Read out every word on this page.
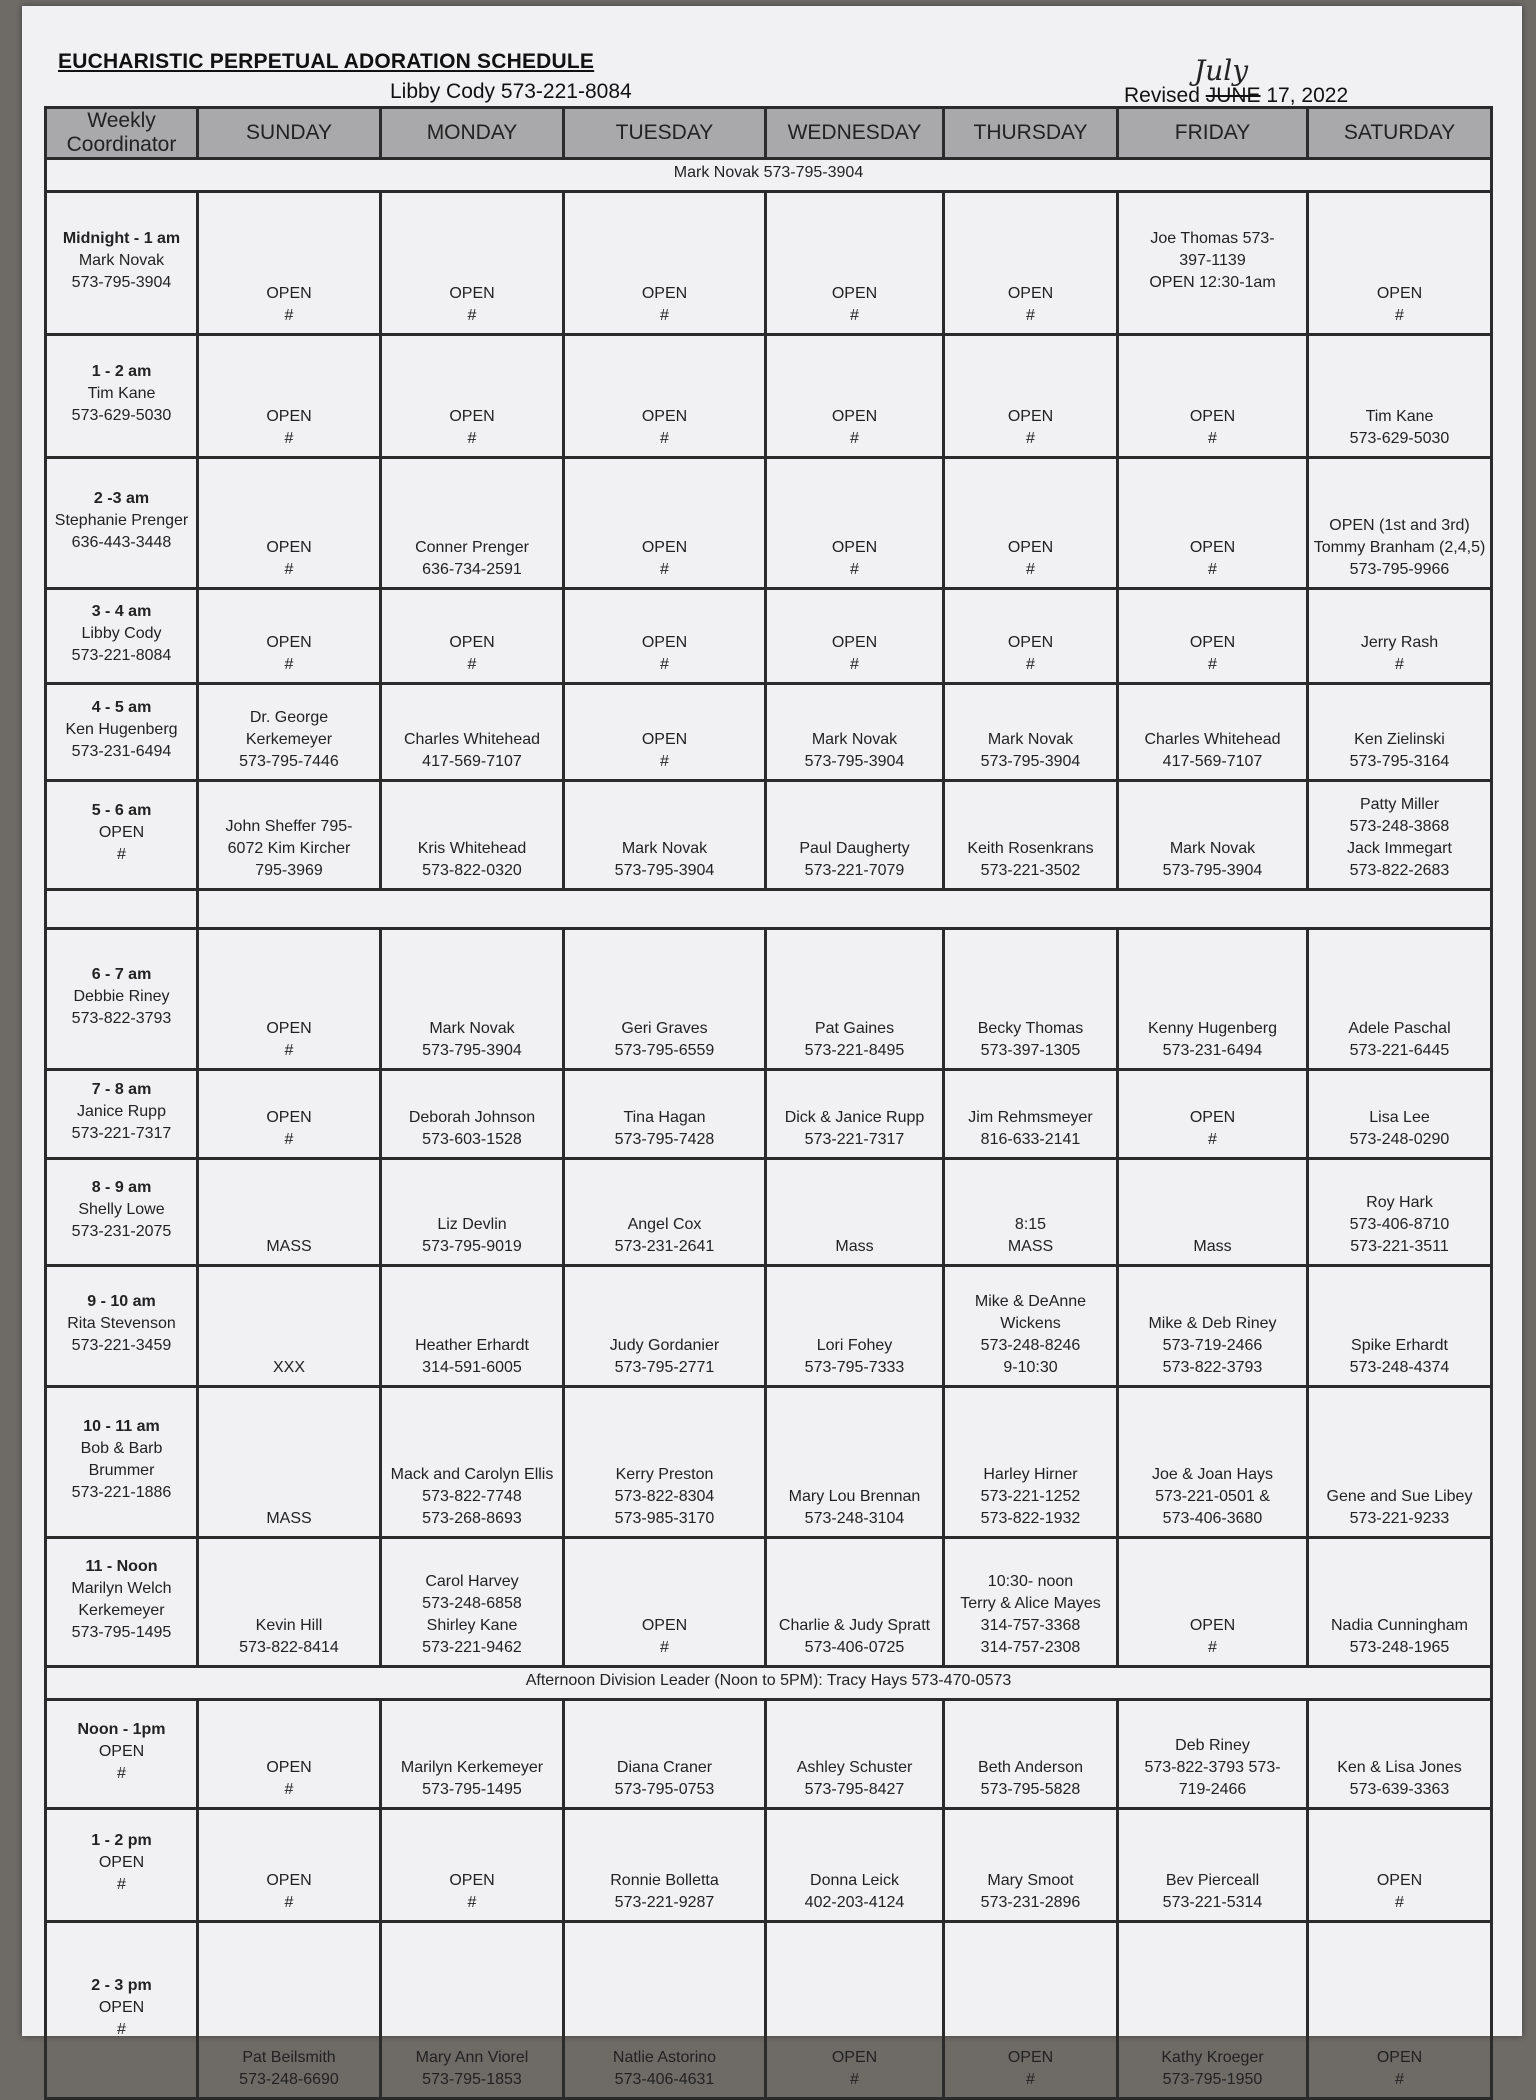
EUCHARISTIC PERPETUAL ADORATION SCHEDULE
Libby Cody 573-221-8084
July
Revised JUNE 17, 2022
Weekly
Coordinator	SUNDAY	MONDAY	TUESDAY	WEDNESDAY	THURSDAY	FRIDAY	SATURDAY
Mark Novak 573-795-3904							

Midnight - 1 am
Mark Novak
573-795-3904	OPEN
#	OPEN
#	OPEN
#	OPEN
#	OPEN
#	Joe Thomas 573-
397-1139
OPEN 12:30-1am	OPEN
#

1 - 2 am
Tim Kane
573-629-5030	OPEN
#	OPEN
#	OPEN
#	OPEN
#	OPEN
#	OPEN
#	Tim Kane
573-629-5030

2 -3 am
Stephanie Prenger
636-443-3448	OPEN
#	Conner Prenger
636-734-2591	OPEN
#	OPEN
#	OPEN
#	OPEN
#	OPEN (1st and 3rd)
Tommy Branham (2,4,5)
573-795-9966

3 - 4 am
Libby Cody
573-221-8084	OPEN
#	OPEN
#	OPEN
#	OPEN
#	OPEN
#	OPEN
#	Jerry Rash
#

4 - 5 am
Ken Hugenberg
573-231-6494	Dr. George
Kerkemeyer
573-795-7446	Charles Whitehead
417-569-7107	OPEN
#	Mark Novak
573-795-3904	Mark Novak
573-795-3904	Charles Whitehead
417-569-7107	Ken Zielinski
573-795-3164

5 - 6 am
OPEN
#	John Sheffer 795-
6072 Kim Kircher
795-3969	Kris Whitehead
573-822-0320	Mark Novak
573-795-3904	Paul Daugherty
573-221-7079	Keith Rosenkrans
573-221-3502	Mark Novak
573-795-3904	Patty Miller
573-248-3868
Jack Immegart
573-822-2683

6 - 7 am
Debbie Riney
573-822-3793	OPEN
#	Mark Novak
573-795-3904	Geri Graves
573-795-6559	Pat Gaines
573-221-8495	Becky Thomas
573-397-1305	Kenny Hugenberg
573-231-6494	Adele Paschal
573-221-6445

7 - 8 am
Janice Rupp
573-221-7317	OPEN
#	Deborah Johnson
573-603-1528	Tina Hagan
573-795-7428	Dick & Janice Rupp
573-221-7317	Jim Rehmsmeyer
816-633-2141	OPEN
#	Lisa Lee
573-248-0290

8 - 9 am
Shelly Lowe
573-231-2075	MASS	Liz Devlin
573-795-9019	Angel Cox
573-231-2641	Mass	8:15
MASS	Mass	Roy Hark
573-406-8710
573-221-3511

9 - 10 am
Rita Stevenson
573-221-3459	XXX	Heather Erhardt
314-591-6005	Judy Gordanier
573-795-2771	Lori Fohey
573-795-7333	Mike & DeAnne
Wickens
573-248-8246
9-10:30	Mike & Deb Riney
573-719-2466
573-822-3793	Spike Erhardt
573-248-4374

10 - 11 am
Bob & Barb
Brummer
573-221-1886	MASS	Mack and Carolyn Ellis
573-822-7748
573-268-8693	Kerry Preston
573-822-8304
573-985-3170	Mary Lou Brennan
573-248-3104	Harley Hirner
573-221-1252
573-822-1932	Joe & Joan Hays
573-221-0501 &
573-406-3680	Gene and Sue Libey
573-221-9233

11 - Noon
Marilyn Welch
Kerkemeyer
573-795-1495	Kevin Hill
573-822-8414	Carol Harvey
573-248-6858
Shirley Kane
573-221-9462	OPEN
#	Charlie & Judy Spratt
573-406-0725	10:30- noon
Terry & Alice Mayes
314-757-3368
314-757-2308	OPEN
#	Nadia Cunningham
573-248-1965
Afternoon Division Leader (Noon to 5PM): Tracy Hays 573-470-0573							

Noon - 1pm
OPEN
#	OPEN
#	Marilyn Kerkemeyer
573-795-1495	Diana Craner
573-795-0753	Ashley Schuster
573-795-8427	Beth Anderson
573-795-5828	Deb Riney
573-822-3793 573-
719-2466	Ken & Lisa Jones
573-639-3363

1 - 2 pm
OPEN
#	OPEN
#	OPEN
#	Ronnie Bolletta
573-221-9287	Donna Leick
402-203-4124	Mary Smoot
573-231-2896	Bev Pierceall
573-221-5314	OPEN
#

2 - 3 pm
OPEN
#	Pat Beilsmith
573-248-6690	Mary Ann Viorel
573-795-1853	Natlie Astorino
573-406-4631	OPEN
#	OPEN
#	Kathy Kroeger
573-795-1950	OPEN
#
